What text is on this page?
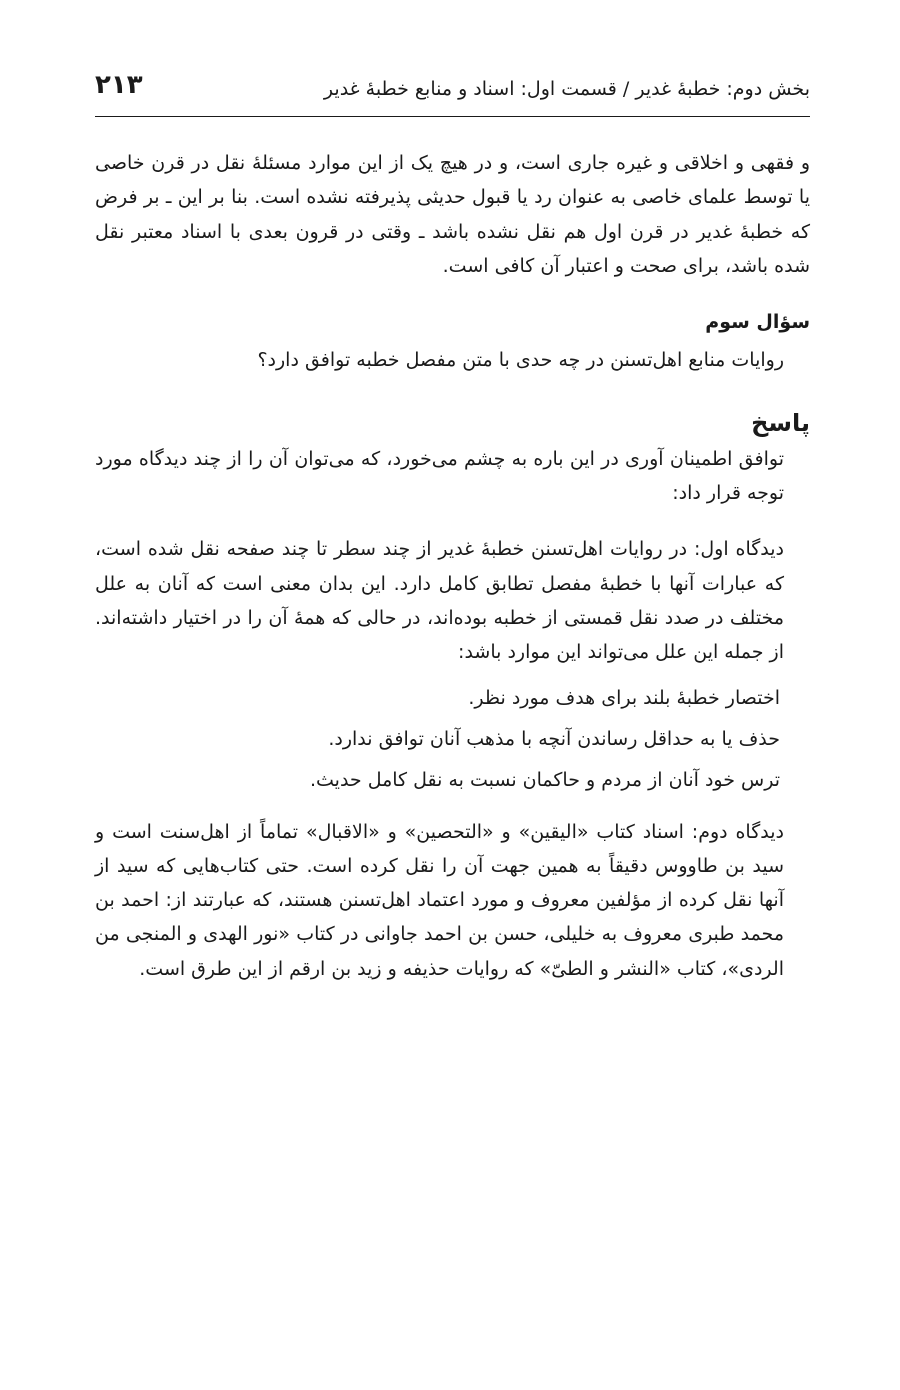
بخش دوم: خطبهٔ غدیر / قسمت اول: اسناد و منابع خطبهٔ غدیر
۲۱۳

و فقهی و اخلاقی و غیره جاری است، و در هیچ یک از این موارد مسئلهٔ نقل در قرن خاصی یا توسط علمای خاصی به عنوان رد یا قبول حدیثی پذیرفته نشده است. بنا بر این ـ بر فرض که خطبهٔ غدیر در قرن اول هم نقل نشده باشد ـ وقتی در قرون بعدی با اسناد معتبر نقل شده باشد، برای صحت و اعتبار آن کافی است.

سؤال سوم

روایات منابع اهل‌تسنن در چه حدی با متن مفصل خطبه توافق دارد؟

پاسخ

توافق اطمینان آوری در این باره به چشم می‌خورد، که می‌توان آن را از چند دیدگاه مورد توجه قرار داد:

دیدگاه اول: در روایات اهل‌تسنن خطبهٔ غدیر از چند سطر تا چند صفحه نقل شده است، که عبارات آنها با خطبهٔ مفصل تطابق کامل دارد. این بدان معنی است که آنان به علل مختلف در صدد نقل قمستی از خطبه بوده‌اند، در حالی که همهٔ آن را در اختیار داشته‌اند. از جمله این علل می‌تواند این موارد باشد:

اختصار خطبهٔ بلند برای هدف مورد نظر.
حذف یا به حداقل رساندن آنچه با مذهب آنان توافق ندارد.
ترس خود آنان از مردم و حاکمان نسبت به نقل کامل حدیث.

دیدگاه دوم: اسناد کتاب «الیقین» و «التحصین» و «الاقبال» تماماً از اهل‌سنت است و سید بن طاووس دقیقاً به همین جهت آن را نقل کرده است. حتی کتاب‌هایی که سید از آنها نقل کرده از مؤلفین معروف و مورد اعتماد اهل‌تسنن هستند، که عبارتند از: احمد بن محمد طبری معروف به خلیلی، حسن بن احمد جاوانی در کتاب «نور الهدی و المنجی من الردی»، کتاب «النشر و الطیّ» که روایات حذیفه و زید بن ارقم از این طرق است.
